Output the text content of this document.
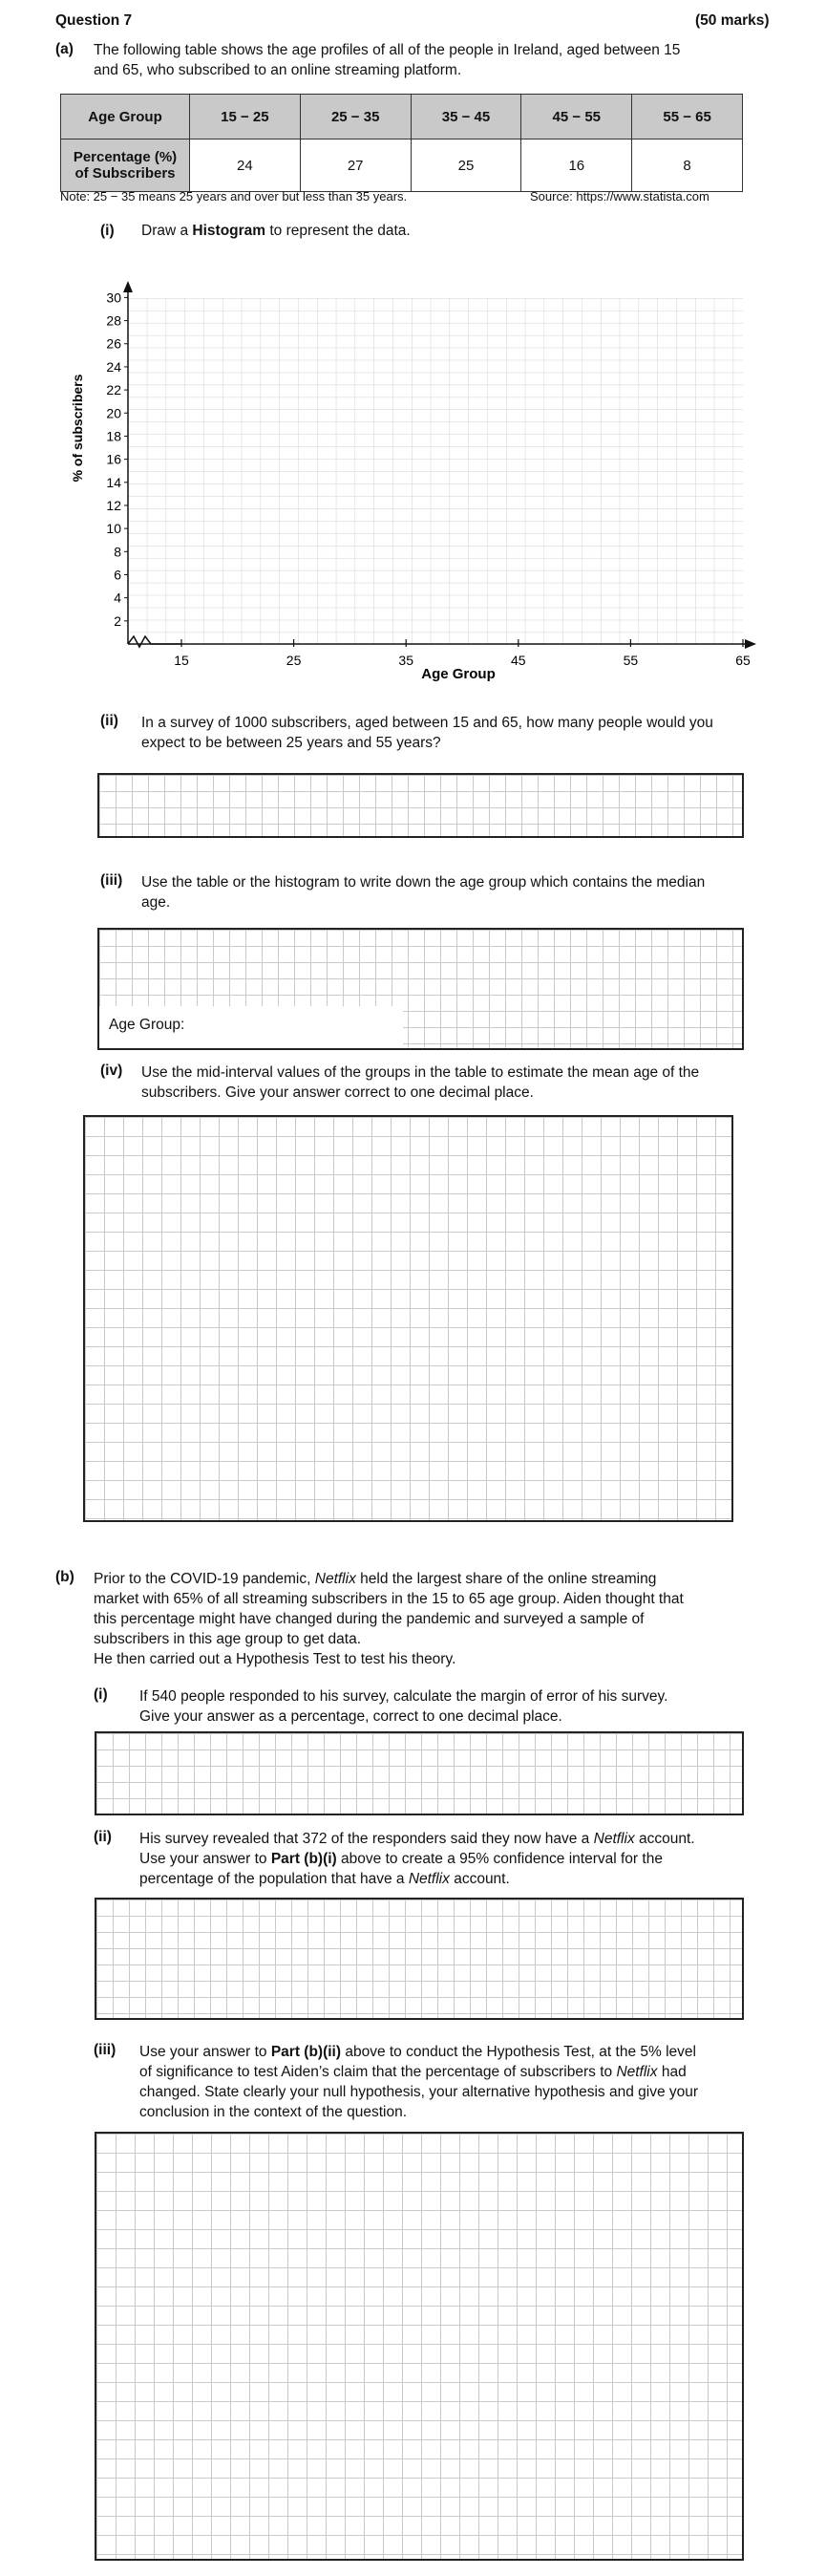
Question 7	(50 marks)
(a) The following table shows the age profiles of all of the people in Ireland, aged between 15
and 65, who subscribed to an online streaming platform.
Age Group	15 − 25	25 − 35	35 − 45	45 − 55	55 − 65

Percentage (%)
of Subscribers	24	27	25	16	8
Note: 25 − 35 means 25 years and over but less than 35 years.	Source: https://www.statista.com
(i) Draw a Histogram to represent the data.
2
4
6
8
10
12
14
16
18
20
22
24
26
28
30
15	25	35	45	55	65
% of subscribers
Age Group
(ii) In a survey of 1000 subscribers, aged between 15 and 65, how many people would you
expect to be between 25 years and 55 years?
(iii) Use the table or the histogram to write down the age group which contains the median
age.
Age Group:
(iv) Use the mid-interval values of the groups in the table to estimate the mean age of the
subscribers. Give your answer correct to one decimal place.
(b) Prior to the COVID-19 pandemic, Netflix held the largest share of the online streaming
market with 65% of all streaming subscribers in the 15 to 65 age group. Aiden thought that
this percentage might have changed during the pandemic and surveyed a sample of
subscribers in this age group to get data.
He then carried out a Hypothesis Test to test his theory.
(i) If 540 people responded to his survey, calculate the margin of error of his survey.
Give your answer as a percentage, correct to one decimal place.
(ii) His survey revealed that 372 of the responders said they now have a Netflix account.
Use your answer to Part (b)(i) above to create a 95% confidence interval for the
percentage of the population that have a Netflix account.
(iii) Use your answer to Part (b)(ii) above to conduct the Hypothesis Test, at the 5% level
of significance to test Aiden’s claim that the percentage of subscribers to Netflix had
changed. State clearly your null hypothesis, your alternative hypothesis and give your
conclusion in the context of the question.
